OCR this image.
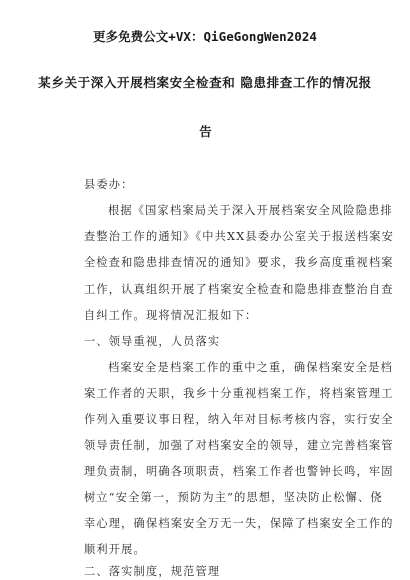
更多免费公文+VX：QiGeGongWen2024
某乡关于深入开展档案安全检查和 隐患排查工作的情况报
告
县委办：
根据《国家档案局关于深入开展档案安全风险隐患排
查整治工作的通知》《中共XX县委办公室关于报送档案安
全检查和隐患排查情况的通知》要求，我乡高度重视档案
工作，认真组织开展了档案安全检查和隐患排查整治自查
自纠工作。现将情况汇报如下：
一、领导重视，人员落实
档案安全是档案工作的重中之重，确保档案安全是档
案工作者的天职，我乡十分重视档案工作，将档案管理工
作列入重要议事日程，纳入年对目标考核内容，实行安全
领导责任制，加强了对档案安全的领导，建立完善档案管
理负责制，明确各项职责，档案工作者也警钟长鸣，牢固
树立“安全第一，预防为主”的思想，坚决防止松懈、侥
幸心理，确保档案安全万无一失，保障了档案安全工作的
顺利开展。
二、落实制度，规范管理
